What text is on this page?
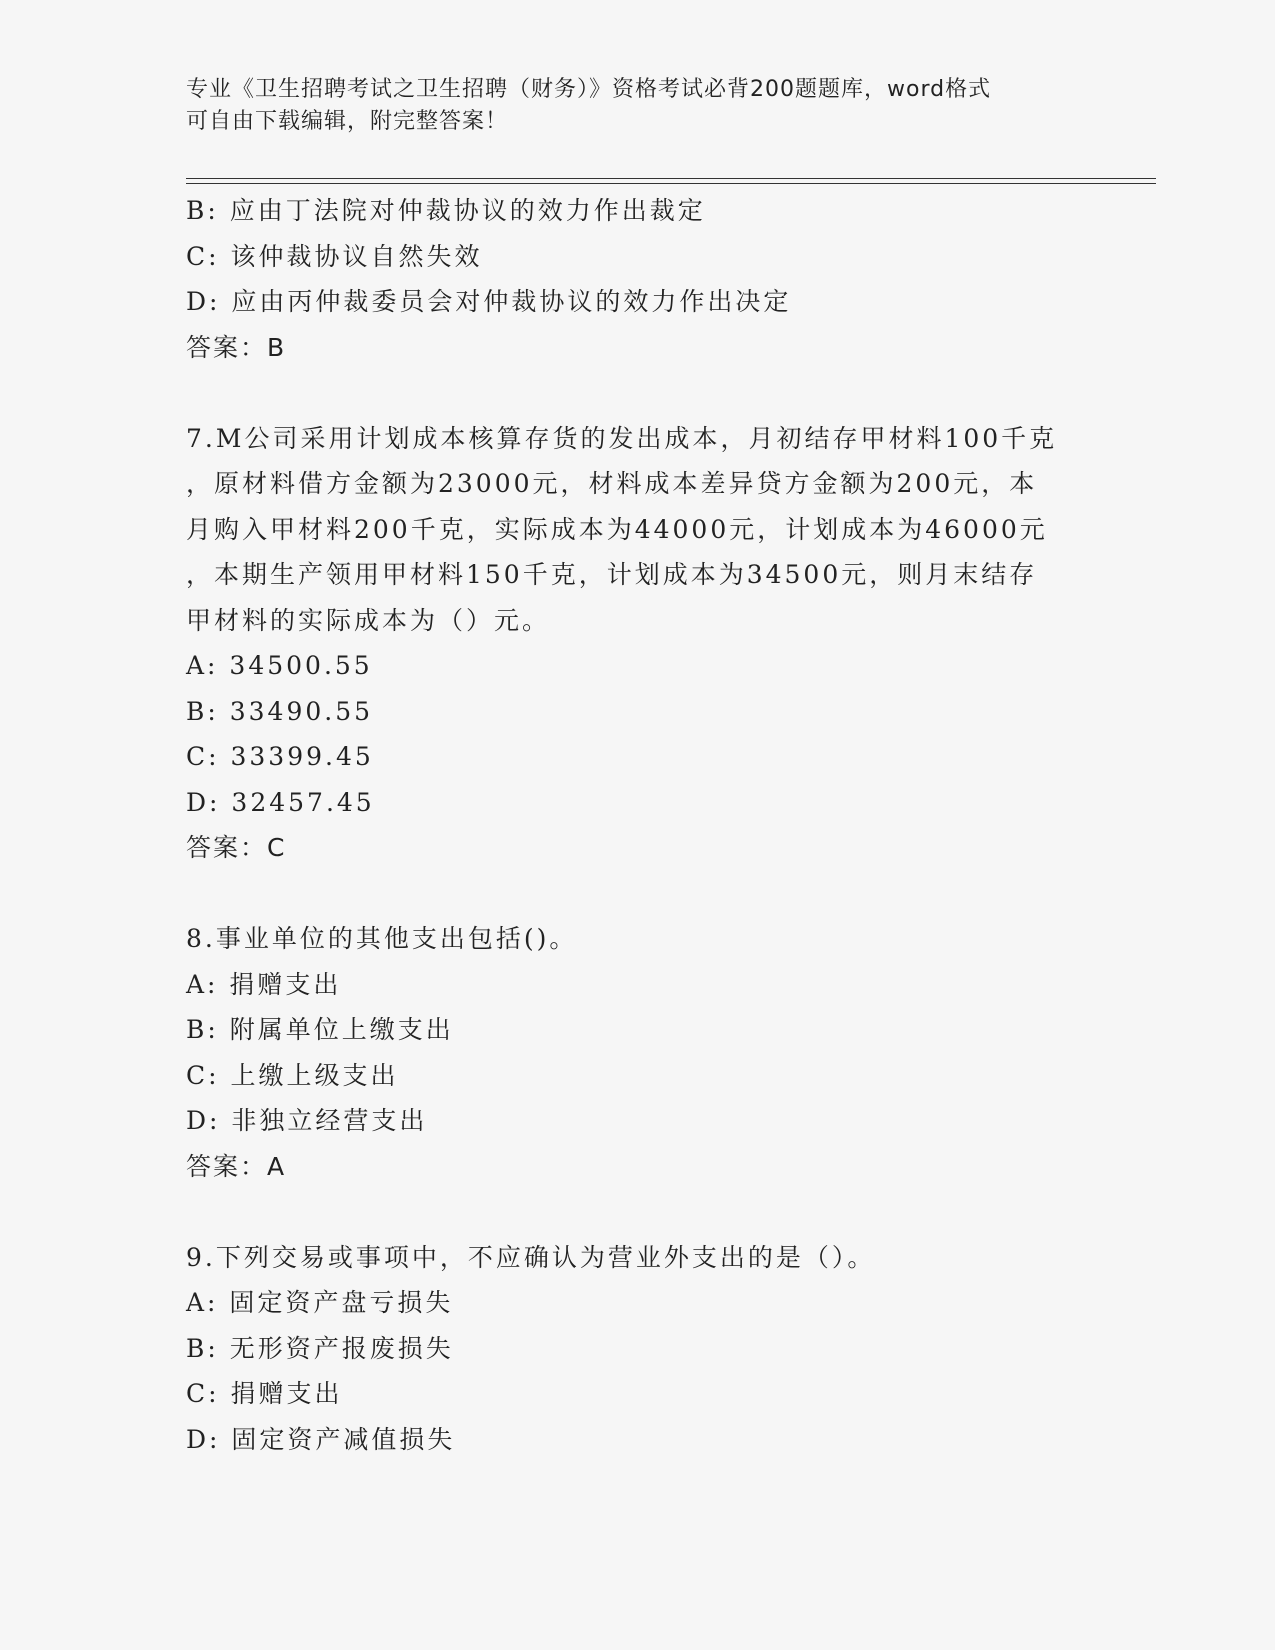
专业《卫生招聘考试之卫生招聘（财务）》资格考试必背200题题库，word格式
可自由下载编辑，附完整答案！
B: 应由丁法院对仲裁协议的效力作出裁定
C: 该仲裁协议自然失效
D: 应由丙仲裁委员会对仲裁协议的效力作出决定
答案：B
7.M公司采用计划成本核算存货的发出成本，月初结存甲材料100千克
，原材料借方金额为23000元，材料成本差异贷方金额为200元，本
月购入甲材料200千克，实际成本为44000元，计划成本为46000元
，本期生产领用甲材料150千克，计划成本为34500元，则月末结存
甲材料的实际成本为（）元。
A: 34500.55
B: 33490.55
C: 33399.45
D: 32457.45
答案：C
8.事业单位的其他支出包括()。
A: 捐赠支出
B: 附属单位上缴支出
C: 上缴上级支出
D: 非独立经营支出
答案：A
9.下列交易或事项中，不应确认为营业外支出的是（）。
A: 固定资产盘亏损失
B: 无形资产报废损失
C: 捐赠支出
D: 固定资产减值损失
